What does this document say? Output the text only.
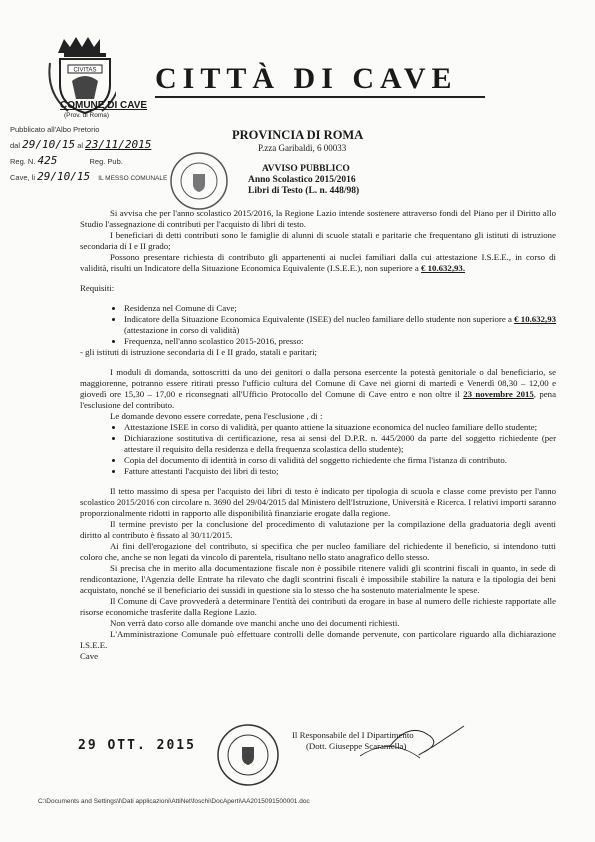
CIVITAS CITTÀ DI CAVE
COMUNE DI CAVE
(Prov. di Roma)
Pubblicato all'Albo Pretorio
dal 29/10/15 al 23/11/2015
Reg. N. 425	Reg. Pub.
Cave, li 29/10/15 IL MESSO COMUNALE
PROVINCIA DI ROMA
P.zza Garibaldi, 6 00033
AVVISO PUBBLICO
Anno Scolastico 2015/2016
Libri di Testo (L. n. 448/98)

Si avvisa che per l'anno scolastico 2015/2016, la Regione Lazio intende sostenere attraverso fondi del Piano per il Diritto allo Studio l'assegnazione di contributi per l'acquisto di libri di testo.

I beneficiari di detti contributi sono le famiglie di alunni di scuole statali e paritarie che frequentano gli istituti di istruzione secondaria di I e II grado;

Possono presentare richiesta di contributo gli appartenenti ai nuclei familiari dalla cui attestazione I.S.E.E., in corso di validità, risulti un Indicatore della Situazione Economica Equivalente (I.S.E.E.), non superiore a € 10.632,93.

Requisiti:

• Residenza nel Comune di Cave;
• Indicatore della Situazione Economica Equivalente (ISEE) del nucleo familiare dello studente non superiore a € 10.632,93 (attestazione in corso di validità)
• Frequenza, nell'anno scolastico 2015-2016, presso:

- gli istituti di istruzione secondaria di I e II grado, statali e paritari;

I moduli di domanda, sottoscritti da uno dei genitori o dalla persona esercente la potestà genitoriale o dal beneficiario, se maggiorenne, potranno essere ritirati presso l'ufficio cultura del Comune di Cave nei giorni di martedì e Venerdì 08,30 – 12,00 e giovedì ore 15,30 – 17,00 e riconsegnati all'Ufficio Protocollo del Comune di Cave entro e non oltre il 23 novembre 2015, pena l'esclusione del contributo.

Le domande devono essere corredate, pena l'esclusione , di :

• Attestazione ISEE in corso di validità, per quanto attiene la situazione economica del nucleo familiare dello studente;
• Dichiarazione sostitutiva di certificazione, resa ai sensi del D.P.R. n. 445/2000 da parte del soggetto richiedente (per attestare il requisito della residenza e della frequenza scolastica dello studente);
• Copia del documento di identità in corso di validità del soggetto richiedente che firma l'istanza di contributo.
• Fatture attestanti l'acquisto dei libri di testo;

Il tetto massimo di spesa per l'acquisto dei libri di testo è indicato per tipologia di scuola e classe come previsto per l'anno scolastico 2015/2016 con circolare n. 3690 del 29/04/2015 dal Ministero dell'Istruzione, Università e Ricerca. I relativi importi saranno proporzionalmente ridotti in rapporto alle disponibilità finanziarie erogate dalla regione.

Il termine previsto per la conclusione del procedimento di valutazione per la compilazione della graduatoria degli aventi diritto al contributo è fissato al 30/11/2015.

Ai fini dell'erogazione del contributo, si specifica che per nucleo familiare del richiedente il beneficio, si intendono tutti coloro che, anche se non legati da vincolo di parentela, risultano nello stato anagrafico dello stesso.

Si precisa che in merito alla documentazione fiscale non è possibile ritenere validi gli scontrini fiscali in quanto, in sede di rendicontazione, l'Agenzia delle Entrate ha rilevato che dagli scontrini fiscali è impossibile stabilire la natura e la tipologia dei beni acquistato, nonché se il beneficiario dei sussidi in questione sia lo stesso che ha sostenuto materialmente le spese.

Il Comune di Cave provvederà a determinare l'entità dei contributi da erogare in base al numero delle richieste rapportate alle risorse economiche trasferite dalla Regione Lazio.

Non verrà dato corso alle domande ove manchi anche uno dei documenti richiesti.

L'Amministrazione Comunale può effettuare controlli delle domande pervenute, con particolare riguardo alla dichiarazione I.S.E.E.

Cave

29 OTT. 2015
Il Responsabile del I Dipartimento
(Dott. Giuseppe Scaramella)
C:\Documents and Settings\l\Dati applicazioni\AttiNet\foschi\DocAperti\AA2015091500001.doc
